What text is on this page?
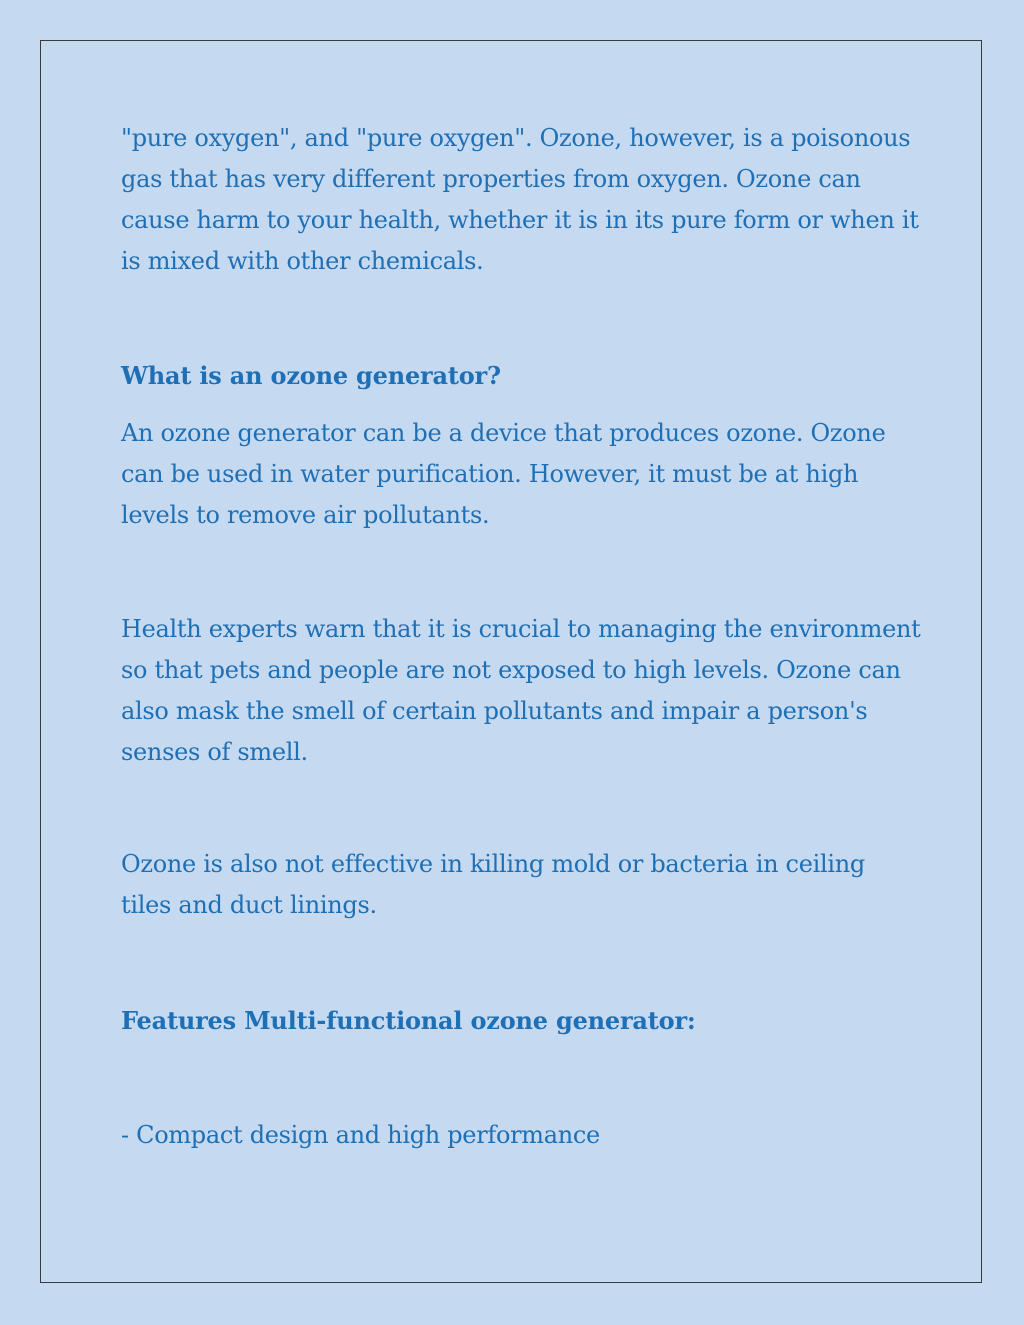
"pure oxygen", and "pure oxygen". Ozone, however, is a poisonous gas that has very different properties from oxygen. Ozone can cause harm to your health, whether it is in its pure form or when it is mixed with other chemicals.

What is an ozone generator?

An ozone generator can be a device that produces ozone. Ozone can be used in water purification. However, it must be at high levels to remove air pollutants.

Health experts warn that it is crucial to managing the environment so that pets and people are not exposed to high levels. Ozone can also mask the smell of certain pollutants and impair a person's senses of smell.

Ozone is also not effective in killing mold or bacteria in ceiling tiles and duct linings.

Features Multi-functional ozone generator:

- Compact design and high performance
